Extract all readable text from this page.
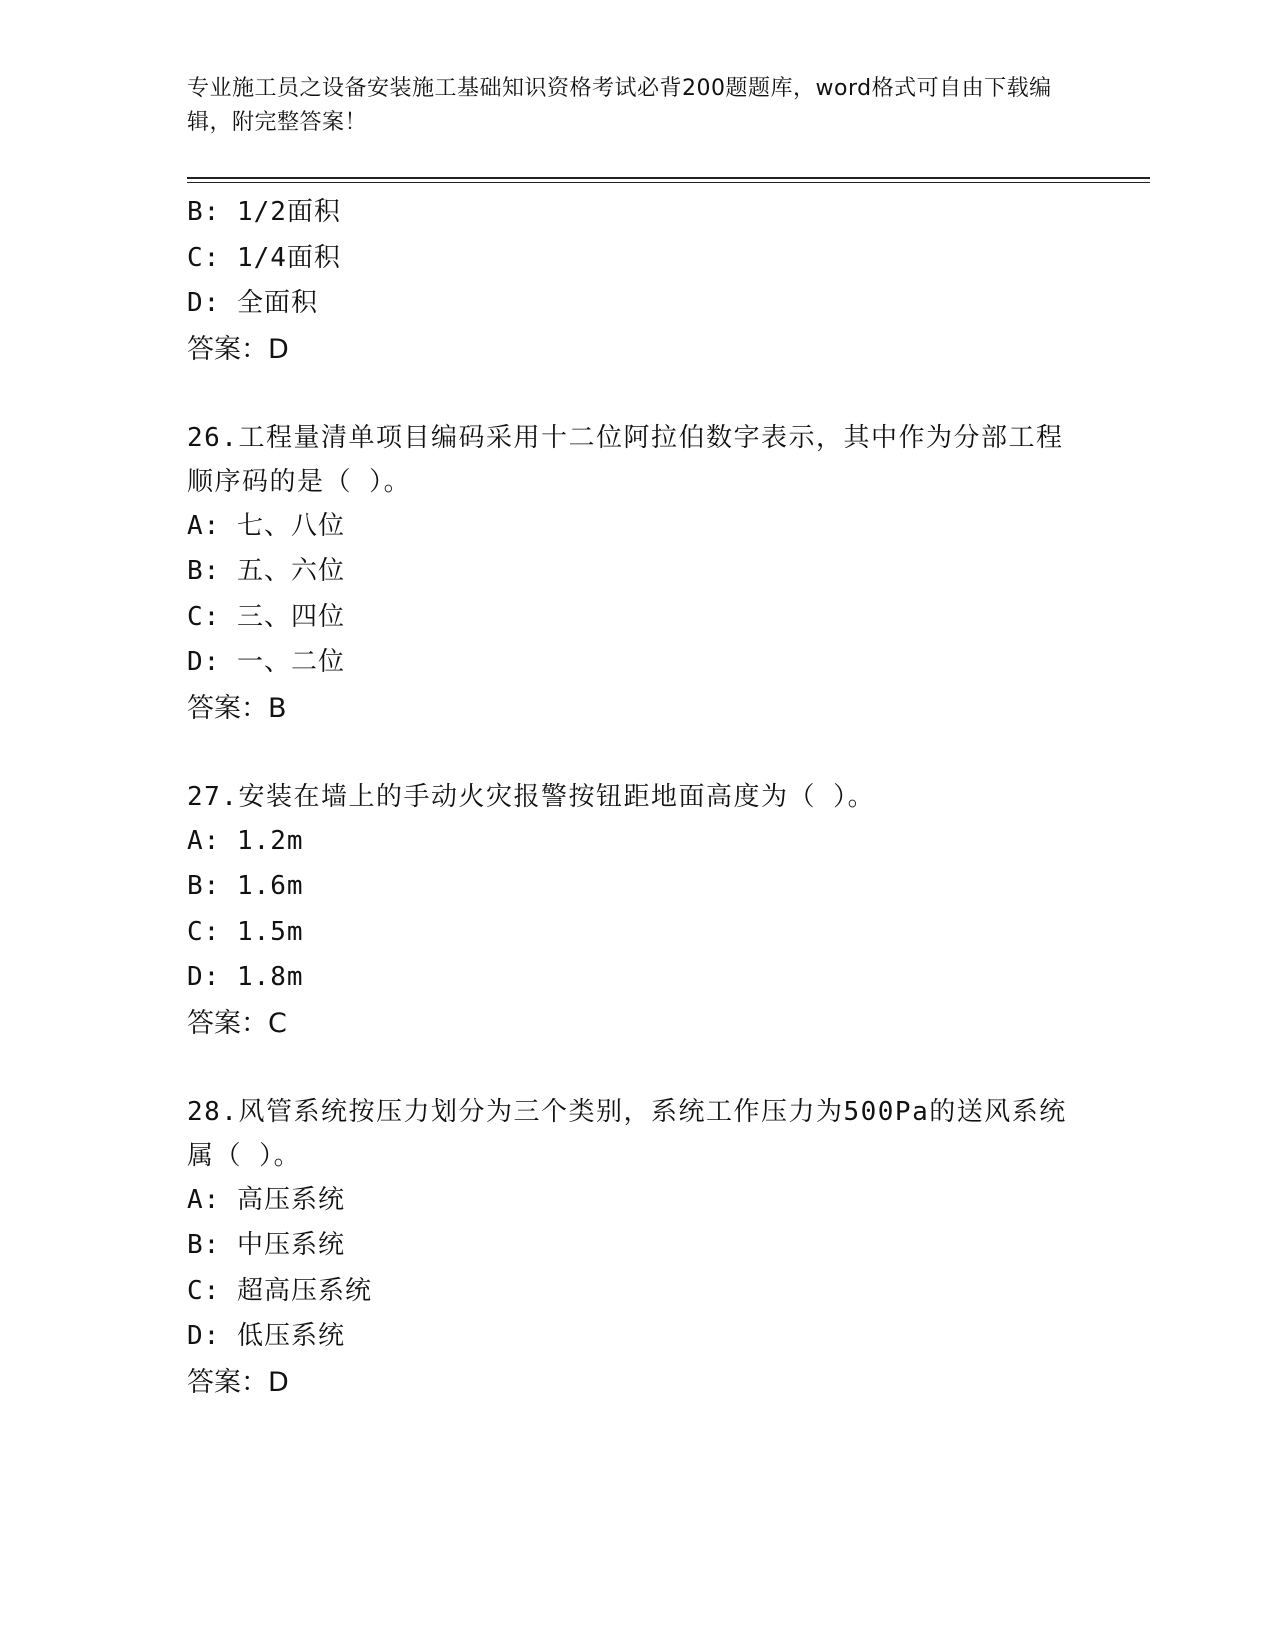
专业施工员之设备安装施工基础知识资格考试必背200题题库，word格式可自由下载编辑，附完整答案！
B: 1/2面积
C: 1/4面积
D: 全面积
答案：D
26.工程量清单项目编码采用十二位阿拉伯数字表示，其中作为分部工程顺序码的是（ ）。
A: 七、八位
B: 五、六位
C: 三、四位
D: 一、二位
答案：B
27.安装在墙上的手动火灾报警按钮距地面高度为（ ）。
A: 1.2m
B: 1.6m
C: 1.5m
D: 1.8m
答案：C
28.风管系统按压力划分为三个类别，系统工作压力为500Pa的送风系统属（ ）。
A: 高压系统
B: 中压系统
C: 超高压系统
D: 低压系统
答案：D
